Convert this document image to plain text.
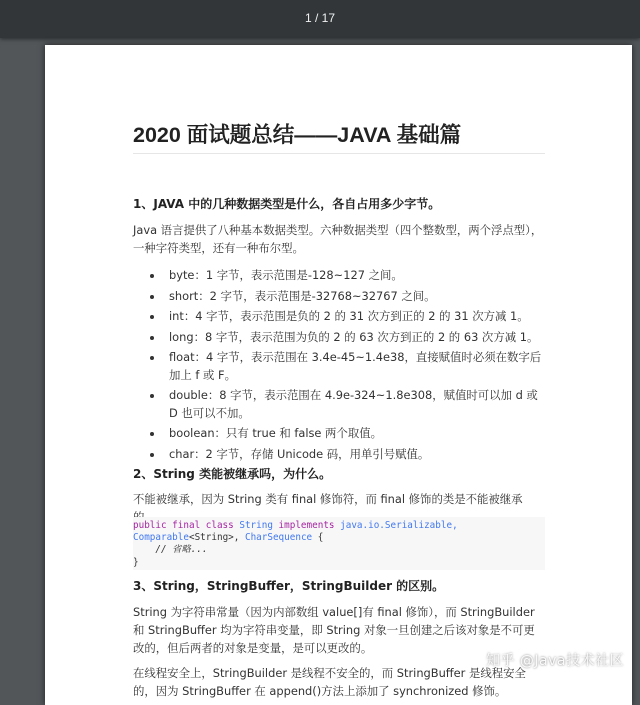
1 / 17
2020 面试题总结——JAVA 基础篇
1、JAVA 中的几种数据类型是什么，各自占用多少字节。
Java 语言提供了八种基本数据类型。六种数据类型（四个整数型，两个浮点型），一种字符类型，还有一种布尔型。
byte：1 字节，表示范围是-128~127 之间。
short：2 字节，表示范围是-32768~32767 之间。
int：4 字节，表示范围是负的 2 的 31 次方到正的 2 的 31 次方减 1。
long：8 字节，表示范围为负的 2 的 63 次方到正的 2 的 63 次方减 1。
float：4 字节，表示范围在 3.4e-45~1.4e38，直接赋值时必须在数字后加上 f 或 F。
double：8 字节，表示范围在 4.9e-324~1.8e308，赋值时可以加 d 或 D 也可以不加。
boolean：只有 true 和 false 两个取值。
char：2 字节，存储 Unicode 码，用单引号赋值。
2、String 类能被继承吗，为什么。
不能被继承，因为 String 类有 final 修饰符，而 final 修饰的类是不能被继承
public final class String implements java.io.Serializable,
Comparable<String>, CharSequence {
// 省略...
}
3、String，StringBuffer，StringBuilder 的区别。
String 为字符串常量（因为内部数组 value[]有 final 修饰），而 StringBuilder 和 StringBuffer 均为字符串变量，即 String 对象一旦创建之后该对象是不可更改的，但后两者的对象是变量，是可以更改的。
在线程安全上，StringBuilder 是线程不安全的，而 StringBuffer 是线程安全的，因为 StringBuffer 在 append()方法上添加了 synchronized 修饰。
知乎 @Java技术社区
